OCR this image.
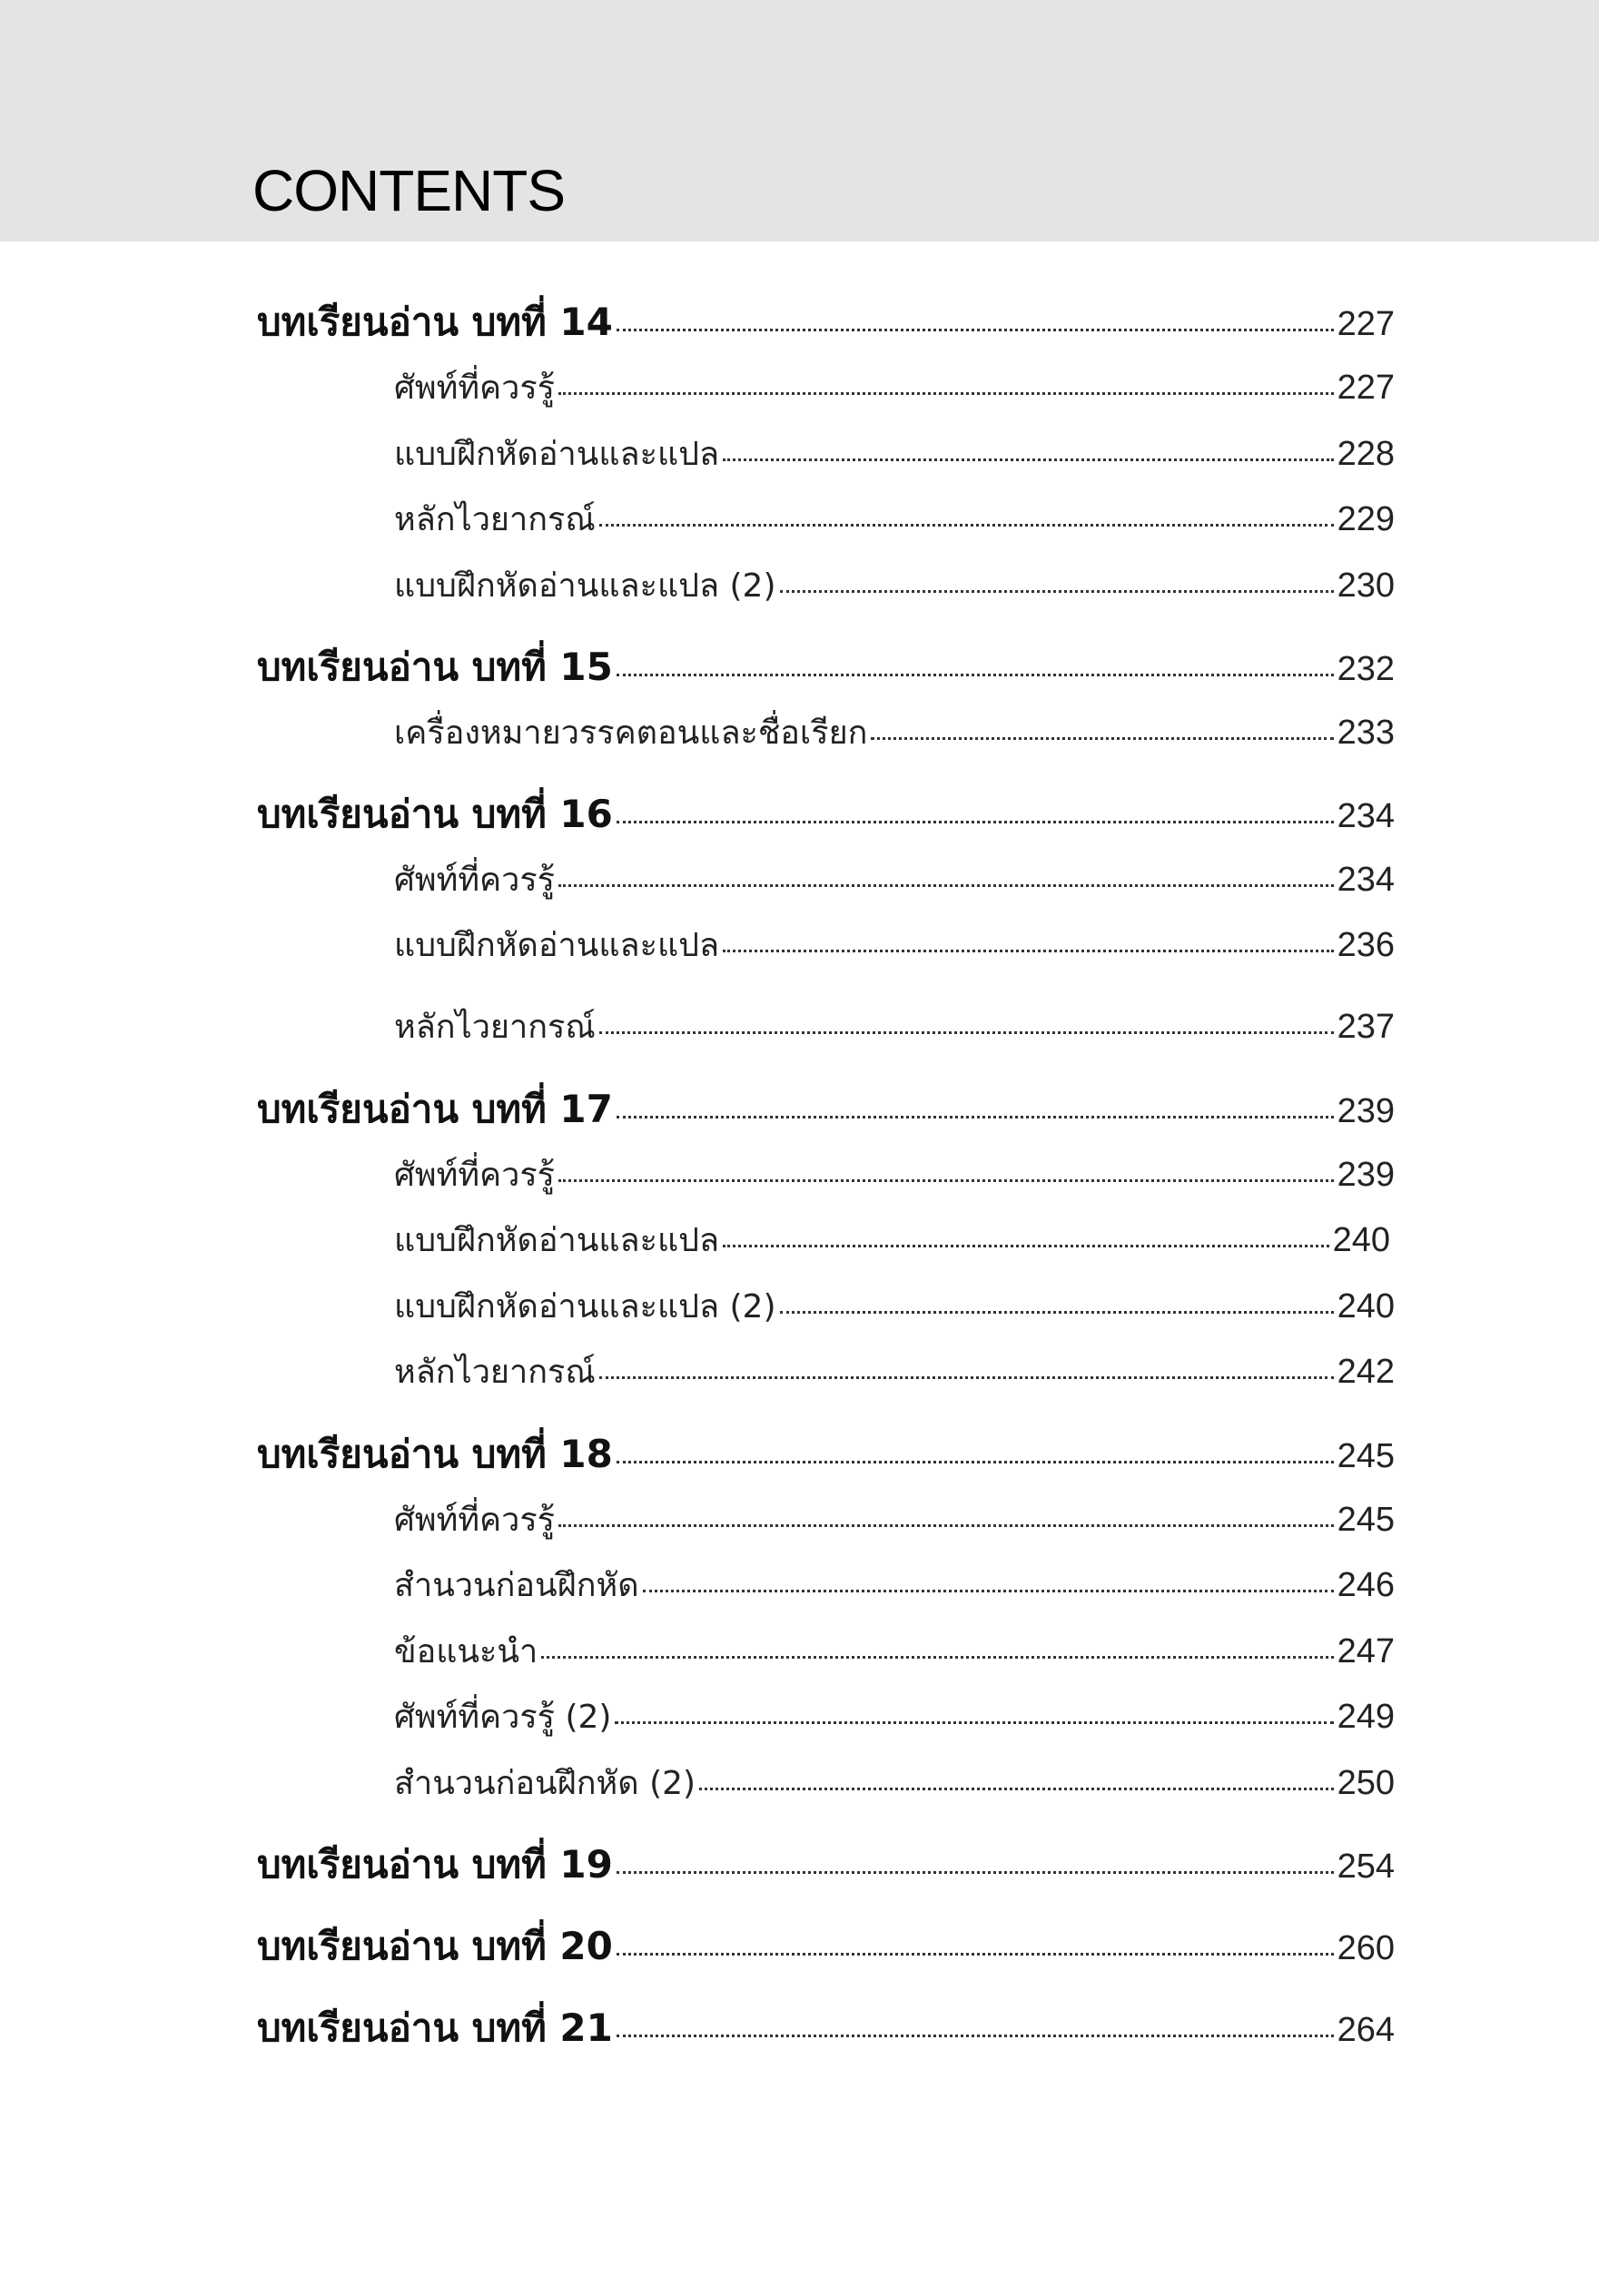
CONTENTS
บทเรียนอ่าน บทที่ 14	227
ศัพท์ที่ควรรู้	227
แบบฝึกหัดอ่านและแปล	228
หลักไวยากรณ์	229
แบบฝึกหัดอ่านและแปล (2)	230
บทเรียนอ่าน บทที่ 15	232
เครื่องหมายวรรคตอนและชื่อเรียก	233
บทเรียนอ่าน บทที่ 16	234
ศัพท์ที่ควรรู้	234
แบบฝึกหัดอ่านและแปล	236
หลักไวยากรณ์	237
บทเรียนอ่าน บทที่ 17	239
ศัพท์ที่ควรรู้	239
แบบฝึกหัดอ่านและแปล	240
แบบฝึกหัดอ่านและแปล (2)	240
หลักไวยากรณ์	242
บทเรียนอ่าน บทที่ 18	245
ศัพท์ที่ควรรู้	245
สำนวนก่อนฝึกหัด	246
ข้อแนะนำ	247
ศัพท์ที่ควรรู้ (2)	249
สำนวนก่อนฝึกหัด (2)	250
บทเรียนอ่าน บทที่ 19	254
บทเรียนอ่าน บทที่ 20	260
บทเรียนอ่าน บทที่ 21	264
